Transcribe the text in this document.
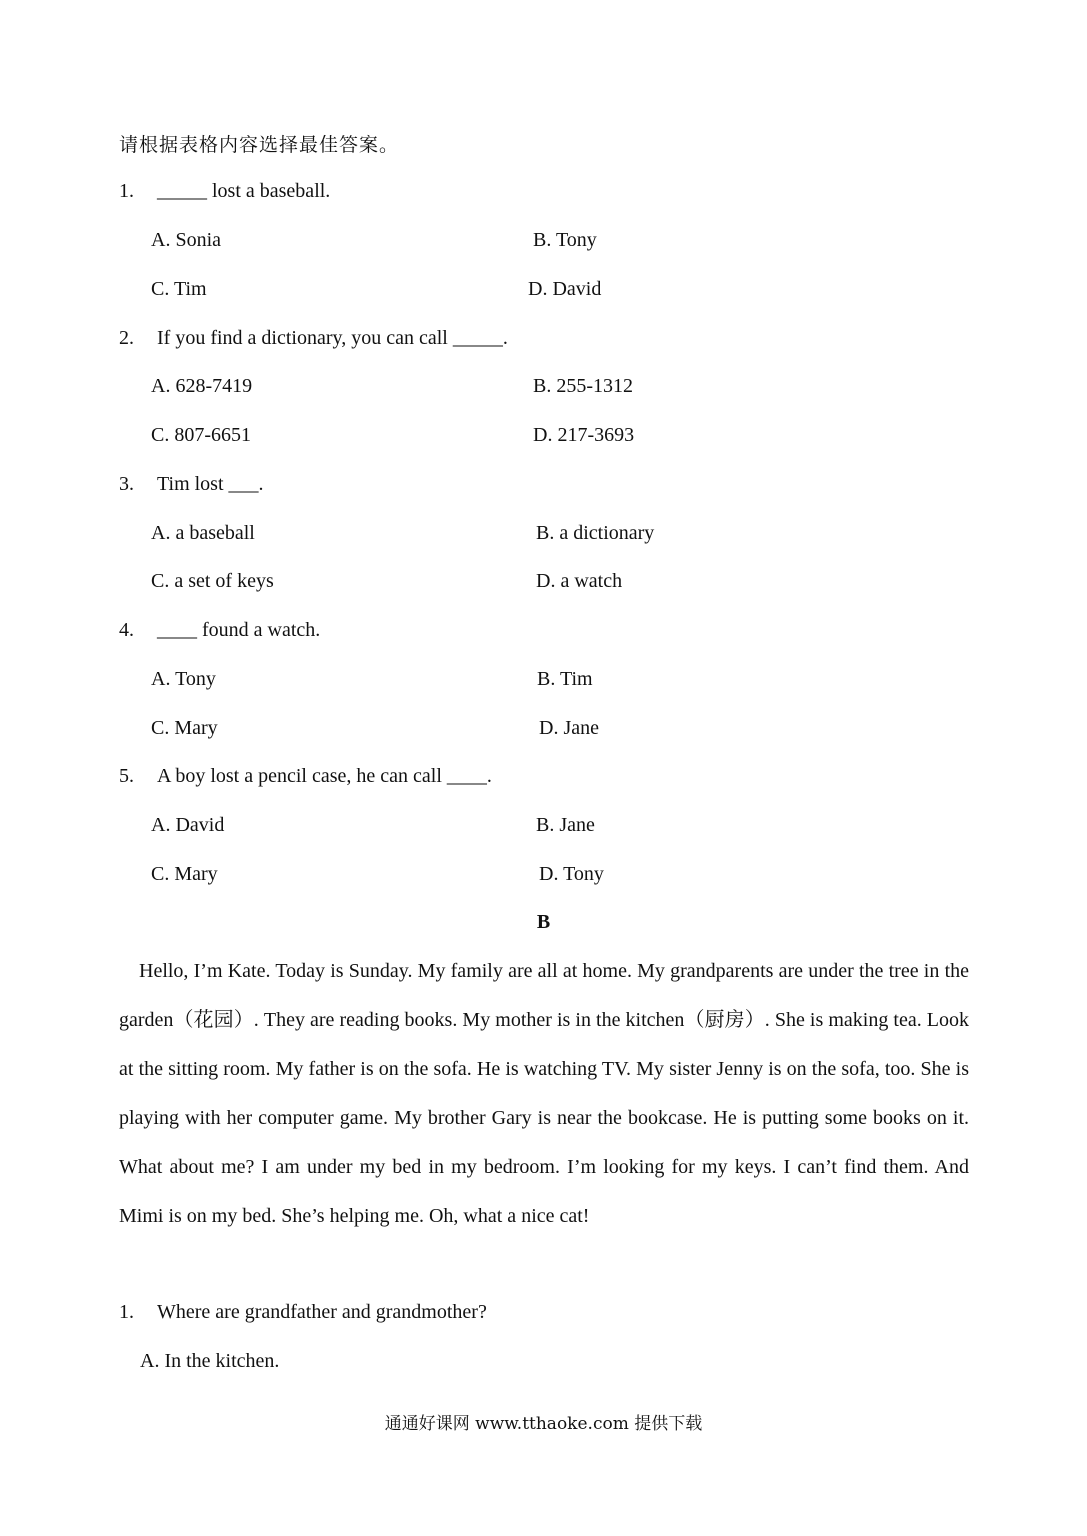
请根据表格内容选择最佳答案。
1. _____ lost a baseball.
A. Sonia	B. Tony
C. Tim	D. David
2. If you find a dictionary, you can call _____.
A. 628-7419	B. 255-1312
C. 807-6651	D. 217-3693
3. Tim lost ___.
A. a baseball	B. a dictionary
C. a set of keys	D. a watch
4. ____ found a watch.
A. Tony	B. Tim
C. Mary	D. Jane
5. A boy lost a pencil case, he can call ____.
A. David	B. Jane
C. Mary	D. Tony
B

Hello, I’m Kate. Today is Sunday. My family are all at home. My grandparents are under the tree in the garden（花园）. They are reading books. My mother is in the kitchen（厨房）. She is making tea. Look at the sitting room. My father is on the sofa. He is watching TV. My sister Jenny is on the sofa, too. She is playing with her computer game. My brother Gary is near the bookcase. He is putting some books on it. What about me? I am under my bed in my bedroom. I’m looking for my keys. I can’t find them. And Mimi is on my bed. She’s helping me. Oh, what a nice cat!

1. Where are grandfather and grandmother?
A. In the kitchen.
通通好课网 www.tthaoke.com 提供下载
